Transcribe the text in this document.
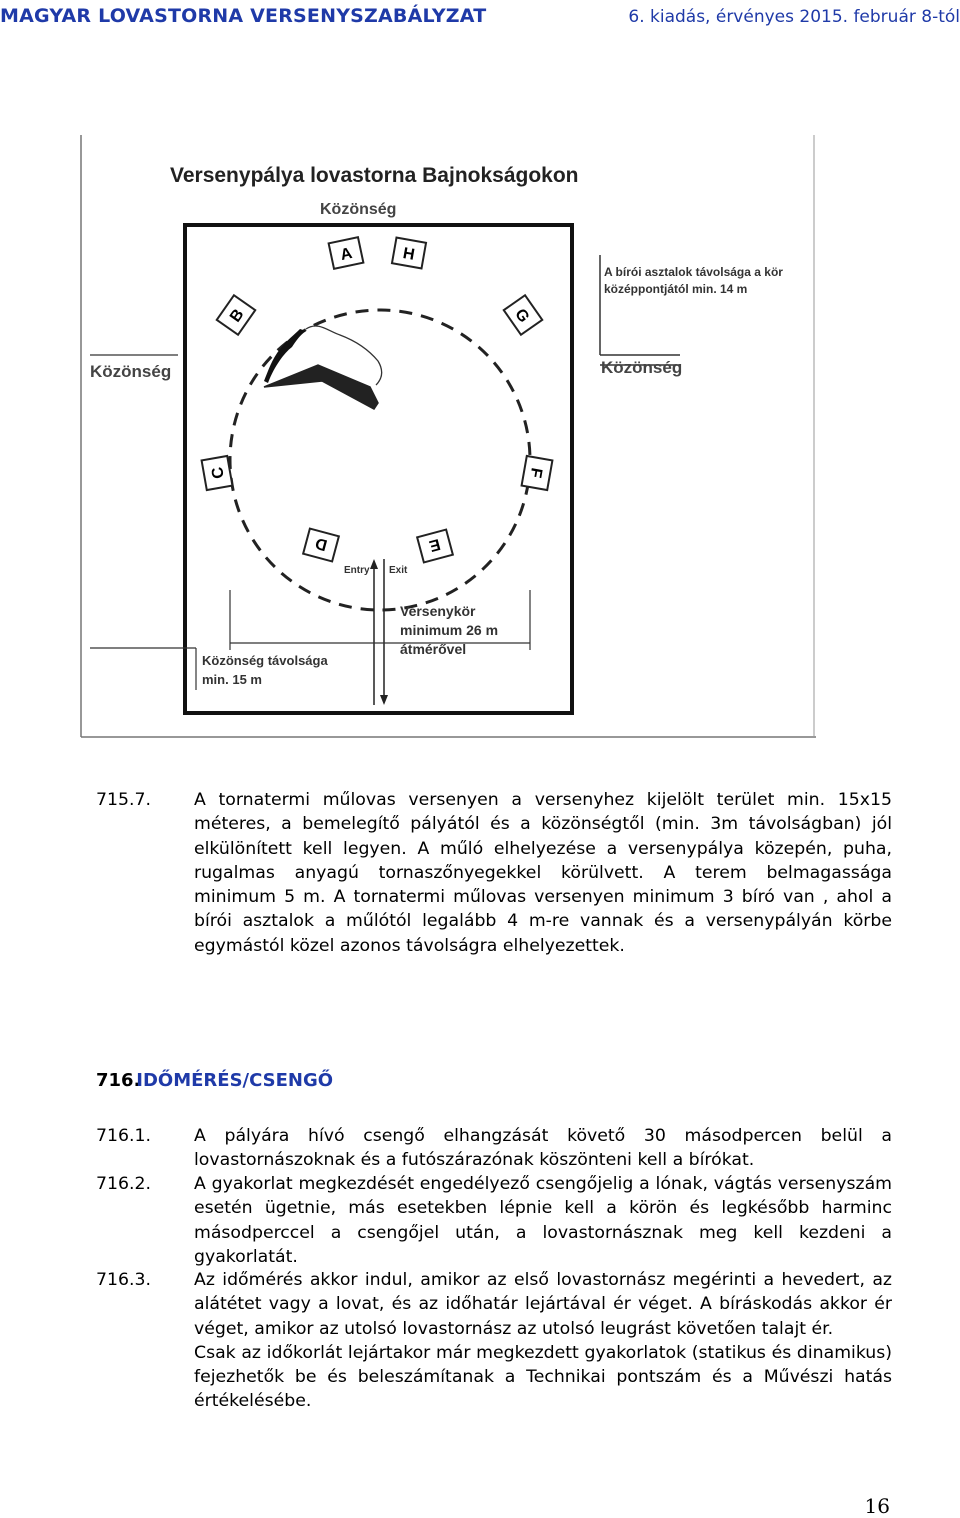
MAGYAR LOVASTORNA VERSENYSZABÁLYZAT	6. kiadás, érvényes 2015. február 8-tól
Versenypálya lovastorna Bajnokságokon
Közönség
A bírói asztalok távolsága a kör
középpontjától min. 14 m
Közönség
Közönség
A	H
B	G
C	F
D	E
Entry Exit
Versenykör
minimum 26 m
átmérővel
Közönség távolsága
min. 15 m
715.7. A tornatermi műlovas versenyen a versenyhez kijelölt terület min. 15x15 méteres, a bemelegítő pályától és a közönségtől (min. 3m távolságban) jól elkülönített kell legyen. A műló elhelyezése a versenypálya közepén, puha, rugalmas anyagú tornaszőnyegekkel körülvett. A terem belmagassága minimum 5 m. A tornatermi műlovas versenyen minimum 3 bíró van , ahol a bírói asztalok a műlótól legalább 4 m-re vannak és a versenypályán körbe egymástól közel azonos távolságra elhelyezettek.
716. IDŐMÉRÉS/CSENGŐ
716.1. A pályára hívó csengő elhangzását követő 30 másodpercen belül a lovastornászoknak és a futószárazónak köszönteni kell a bírókat.
716.2. A gyakorlat megkezdését engedélyező csengőjelig a lónak, vágtás versenyszám esetén ügetnie, más esetekben lépnie kell a körön és legkésőbb harminc másodperccel a csengőjel után, a lovastornásznak meg kell kezdeni a gyakorlatát.
716.3. Az időmérés akkor indul, amikor az első lovastornász megérinti a hevedert, az alátétet vagy a lovat, és az időhatár lejártával ér véget. A bíráskodás akkor ér véget, amikor az utolsó lovastornász az utolsó leugrást követően talajt ér.
Csak az időkorlát lejártakor már megkezdett gyakorlatok (statikus és dinamikus) fejezhetők be és beleszámítanak a Technikai pontszám és a Művészi hatás értékelésébe.
16
